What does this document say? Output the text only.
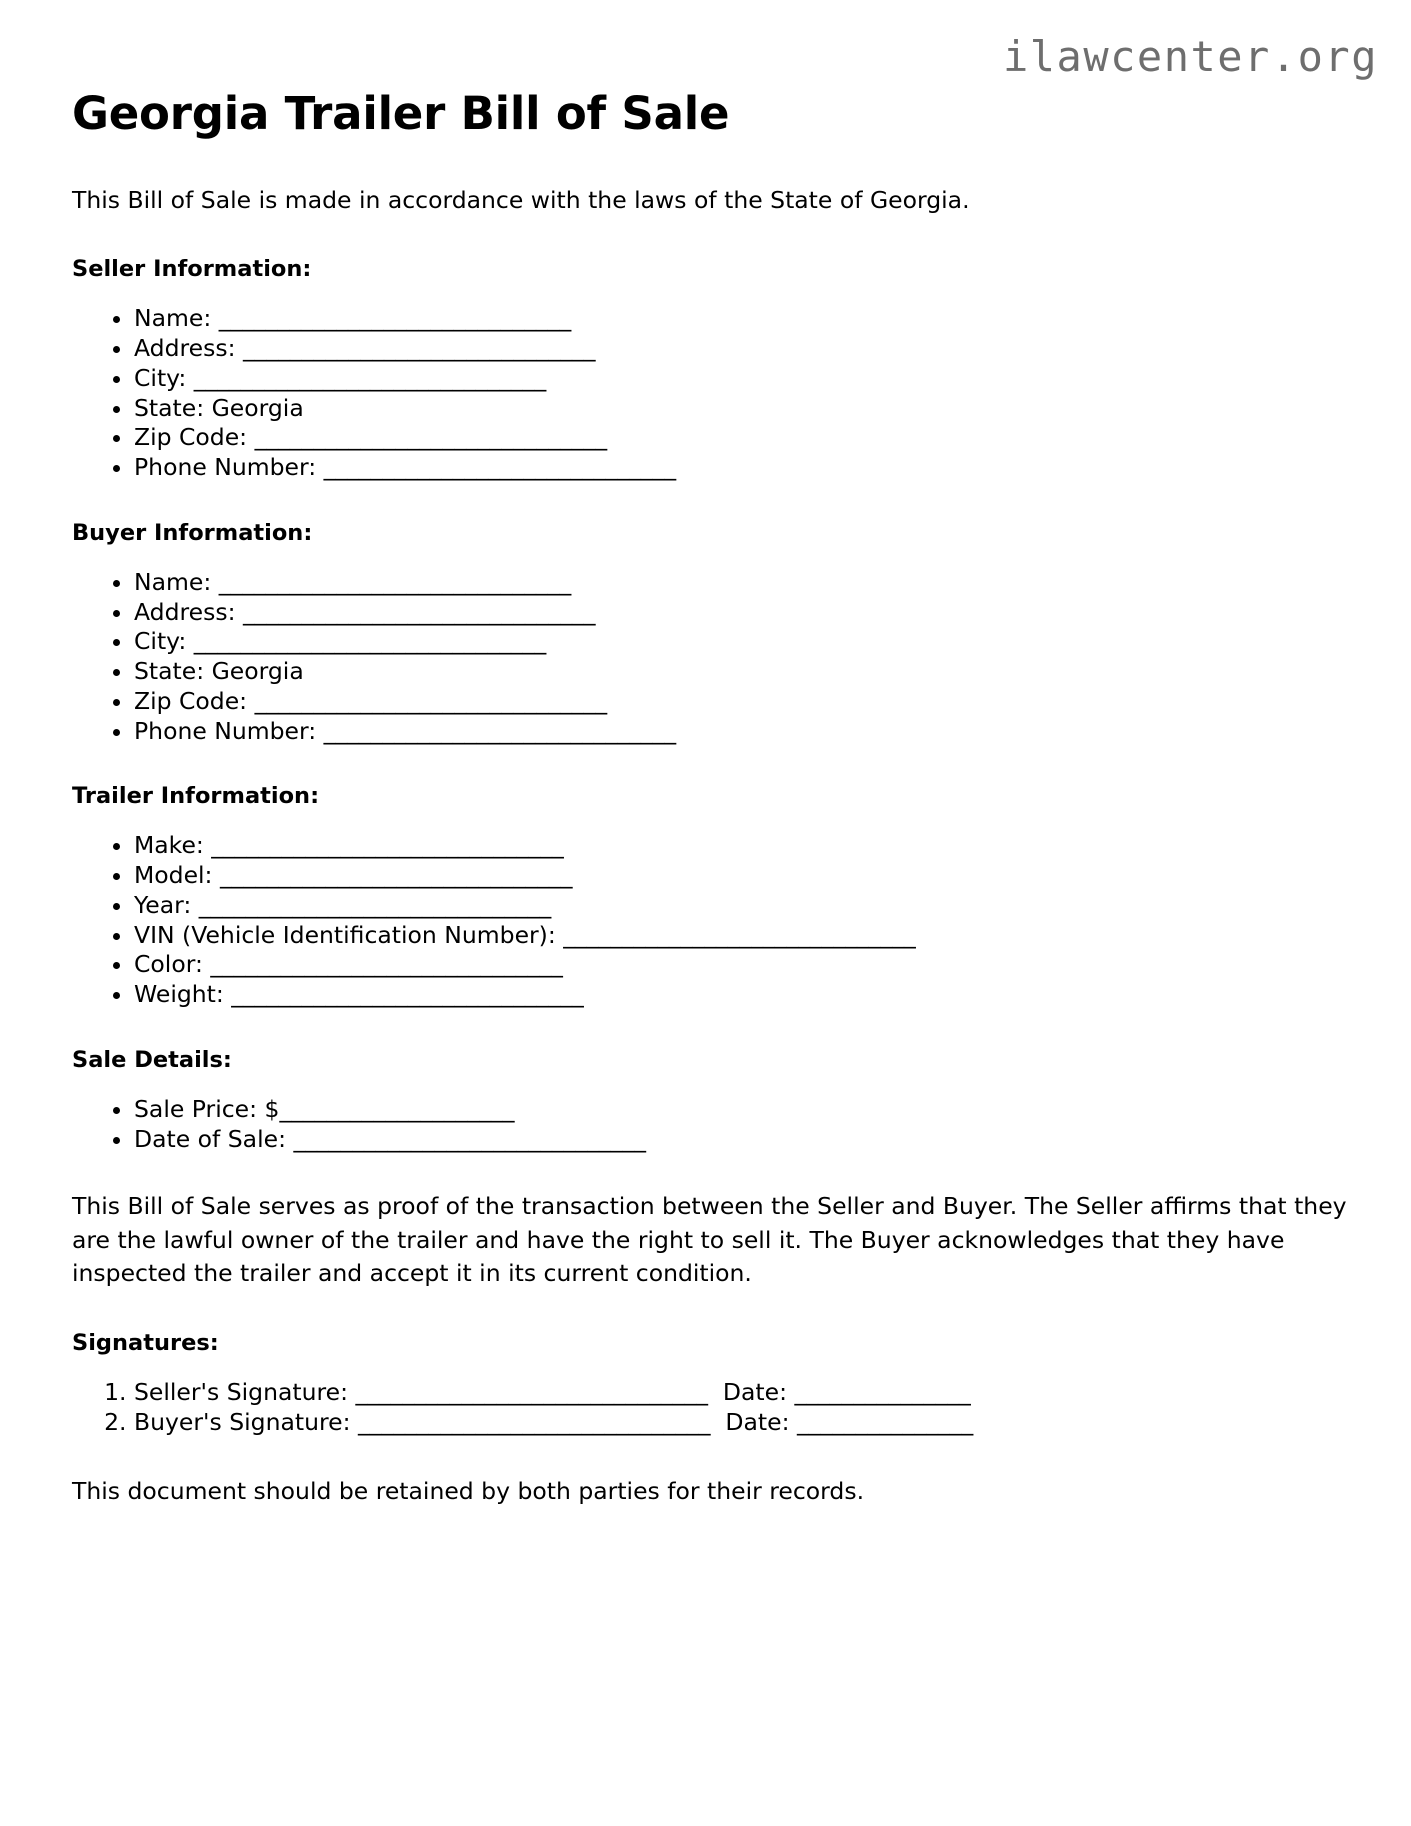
ilawcenter.org
Georgia Trailer Bill of Sale

This Bill of Sale is made in accordance with the laws of the State of Georgia.

Seller Information:
• Name: ______________________________
• Address: ______________________________
• City: ______________________________
• State: Georgia
• Zip Code: ______________________________
• Phone Number: ______________________________
Buyer Information:
• Name: ______________________________
• Address: ______________________________
• City: ______________________________
• State: Georgia
• Zip Code: ______________________________
• Phone Number: ______________________________
Trailer Information:
• Make: ______________________________
• Model: ______________________________
• Year: ______________________________
• VIN (Vehicle Identification Number): ______________________________
• Color: ______________________________
• Weight: ______________________________
Sale Details:
• Sale Price: $____________________
• Date of Sale: ______________________________

This Bill of Sale serves as proof of the transaction between the Seller and Buyer. The Seller affirms that they are the lawful owner of the trailer and have the right to sell it. The Buyer acknowledges that they have inspected the trailer and accept it in its current condition.

Signatures:
1. Seller's Signature: ______________________________  Date: _______________
2. Buyer's Signature: ______________________________  Date: _______________

This document should be retained by both parties for their records.
